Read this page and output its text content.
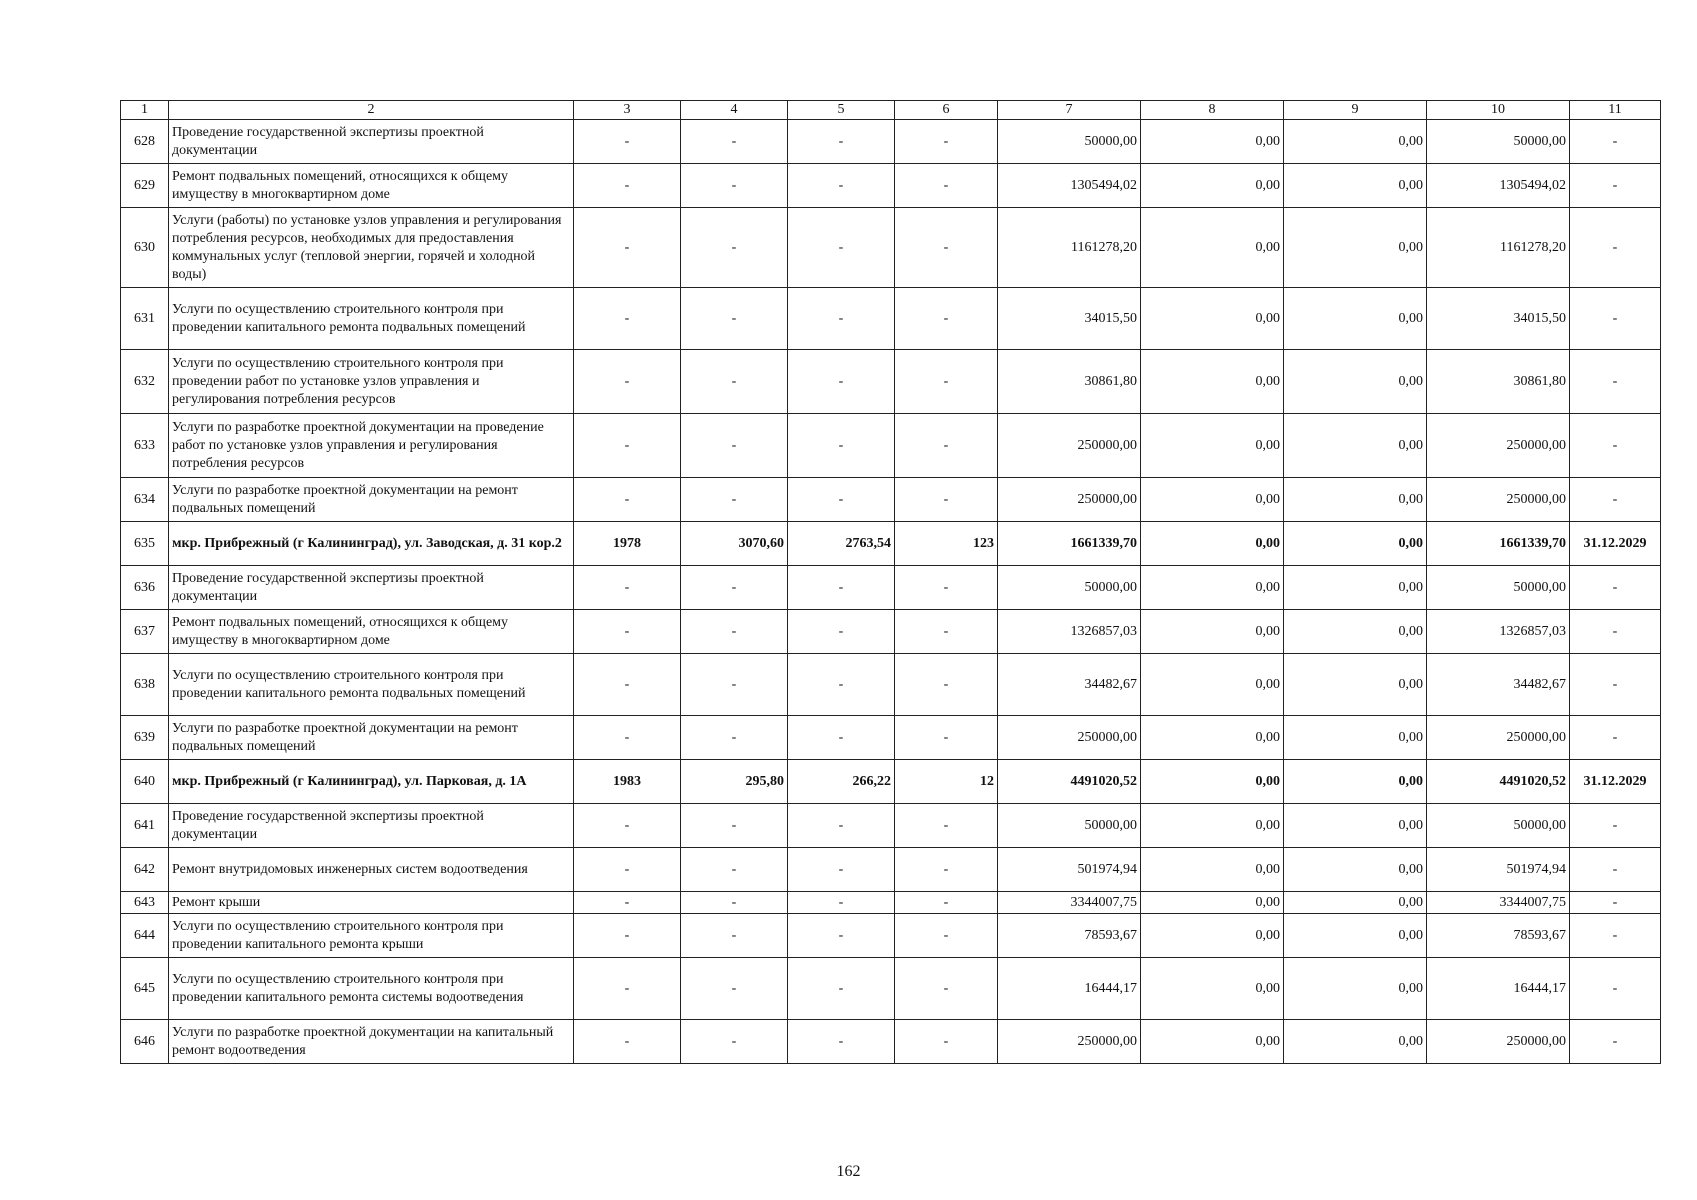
1	2	3	4	5	6	7	8	9	10	11
628	Проведение государственной экспертизы проектной документации	-	-	-	-	50000,00	0,00	0,00	50000,00	-
629	Ремонт подвальных помещений, относящихся к общему имуществу в многоквартирном доме	-	-	-	-	1305494,02	0,00	0,00	1305494,02	-
630	Услуги (работы) по установке узлов управления и регулирования потребления ресурсов, необходимых для предоставления коммунальных услуг (тепловой энергии, горячей и холодной воды)	-	-	-	-	1161278,20	0,00	0,00	1161278,20	-
631	Услуги по осуществлению строительного контроля при проведении капитального ремонта подвальных помещений	-	-	-	-	34015,50	0,00	0,00	34015,50	-
632	Услуги по осуществлению строительного контроля при проведении работ по установке узлов управления и регулирования потребления ресурсов	-	-	-	-	30861,80	0,00	0,00	30861,80	-
633	Услуги по разработке проектной документации на проведение работ по установке узлов управления и регулирования потребления ресурсов	-	-	-	-	250000,00	0,00	0,00	250000,00	-
634	Услуги по разработке проектной документации на ремонт подвальных помещений	-	-	-	-	250000,00	0,00	0,00	250000,00	-
635	мкр. Прибрежный (г Калининград), ул. Заводская, д. 31 кор.2	1978	3070,60	2763,54	123	1661339,70	0,00	0,00	1661339,70	31.12.2029
636	Проведение государственной экспертизы проектной документации	-	-	-	-	50000,00	0,00	0,00	50000,00	-
637	Ремонт подвальных помещений, относящихся к общему имуществу в многоквартирном доме	-	-	-	-	1326857,03	0,00	0,00	1326857,03	-
638	Услуги по осуществлению строительного контроля при проведении капитального ремонта подвальных помещений	-	-	-	-	34482,67	0,00	0,00	34482,67	-
639	Услуги по разработке проектной документации на ремонт подвальных помещений	-	-	-	-	250000,00	0,00	0,00	250000,00	-
640	мкр. Прибрежный (г Калининград), ул. Парковая, д. 1А	1983	295,80	266,22	12	4491020,52	0,00	0,00	4491020,52	31.12.2029
641	Проведение государственной экспертизы проектной документации	-	-	-	-	50000,00	0,00	0,00	50000,00	-
642	Ремонт внутридомовых инженерных систем водоотведения	-	-	-	-	501974,94	0,00	0,00	501974,94	-
643	Ремонт крыши	-	-	-	-	3344007,75	0,00	0,00	3344007,75	-
644	Услуги по осуществлению строительного контроля при проведении капитального ремонта крыши	-	-	-	-	78593,67	0,00	0,00	78593,67	-
645	Услуги по осуществлению строительного контроля при проведении капитального ремонта системы водоотведения	-	-	-	-	16444,17	0,00	0,00	16444,17	-
646	Услуги по разработке проектной документации на капитальный ремонт водоотведения	-	-	-	-	250000,00	0,00	0,00	250000,00	-
162
